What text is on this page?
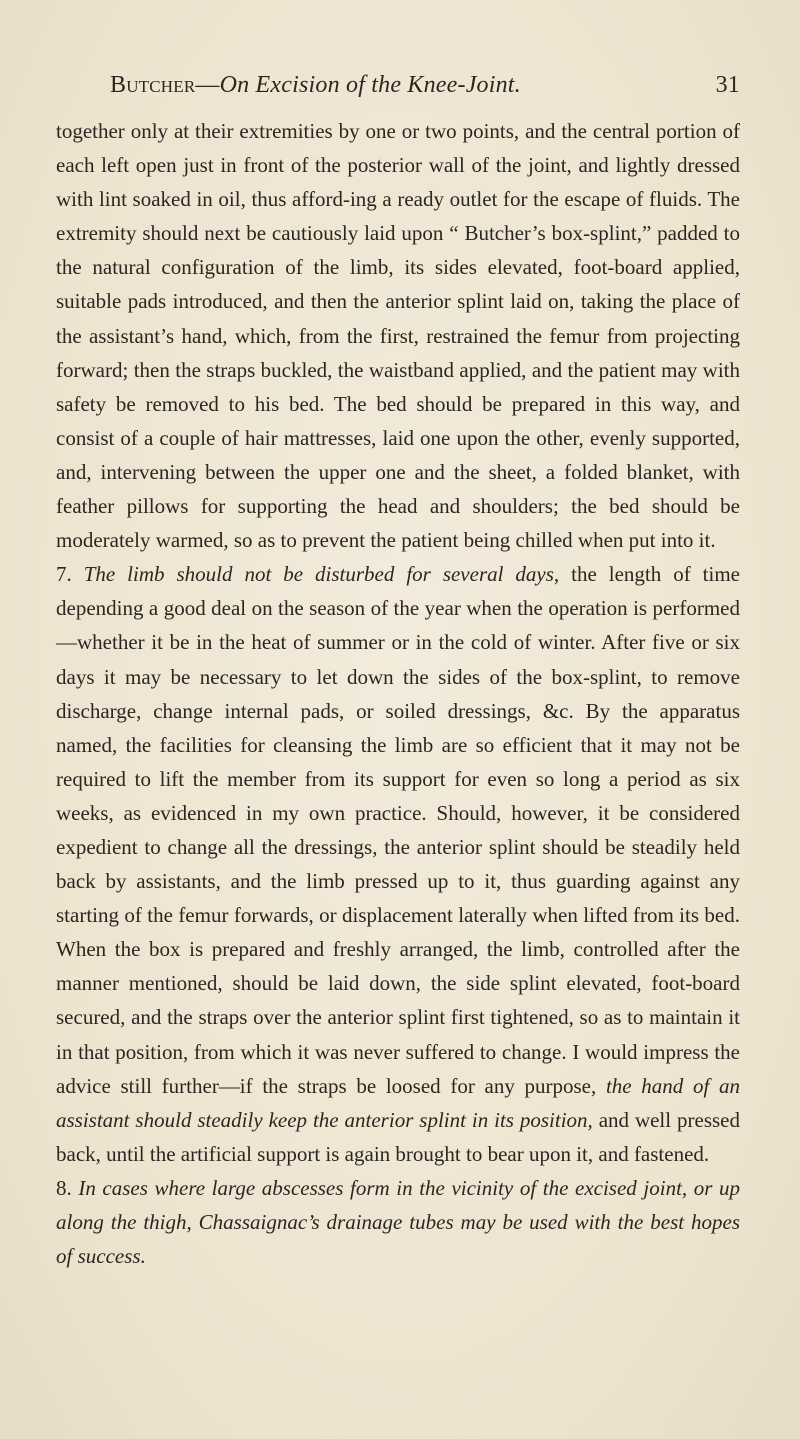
Butcher—On Excision of the Knee-Joint.	31

together only at their extremities by one or two points, and the central portion of each left open just in front of the posterior wall of the joint, and lightly dressed with lint soaked in oil, thus afford-ing a ready outlet for the escape of fluids. The extremity should next be cautiously laid upon “ Butcher’s box-splint,” padded to the natural configuration of the limb, its sides elevated, foot-board applied, suitable pads introduced, and then the anterior splint laid on, taking the place of the assistant’s hand, which, from the first, restrained the femur from projecting forward; then the straps buckled, the waistband applied, and the patient may with safety be removed to his bed. The bed should be prepared in this way, and consist of a couple of hair mattresses, laid one upon the other, evenly supported, and, intervening between the upper one and the sheet, a folded blanket, with feather pillows for supporting the head and shoulders; the bed should be moderately warmed, so as to prevent the patient being chilled when put into it.

7. The limb should not be disturbed for several days, the length of time depending a good deal on the season of the year when the operation is performed—whether it be in the heat of summer or in the cold of winter. After five or six days it may be necessary to let down the sides of the box-splint, to remove discharge, change internal pads, or soiled dressings, &c. By the apparatus named, the facilities for cleansing the limb are so efficient that it may not be required to lift the member from its support for even so long a period as six weeks, as evidenced in my own practice. Should, however, it be considered expedient to change all the dressings, the anterior splint should be steadily held back by assistants, and the limb pressed up to it, thus guarding against any starting of the femur forwards, or displacement laterally when lifted from its bed. When the box is prepared and freshly arranged, the limb, controlled after the manner mentioned, should be laid down, the side splint elevated, foot-board secured, and the straps over the anterior splint first tightened, so as to maintain it in that position, from which it was never suffered to change. I would impress the advice still further—if the straps be loosed for any purpose, the hand of an assistant should steadily keep the anterior splint in its position, and well pressed back, until the artificial support is again brought to bear upon it, and fastened.

8. In cases where large abscesses form in the vicinity of the excised joint, or up along the thigh, Chassaignac’s drainage tubes may be used with the best hopes of success.
